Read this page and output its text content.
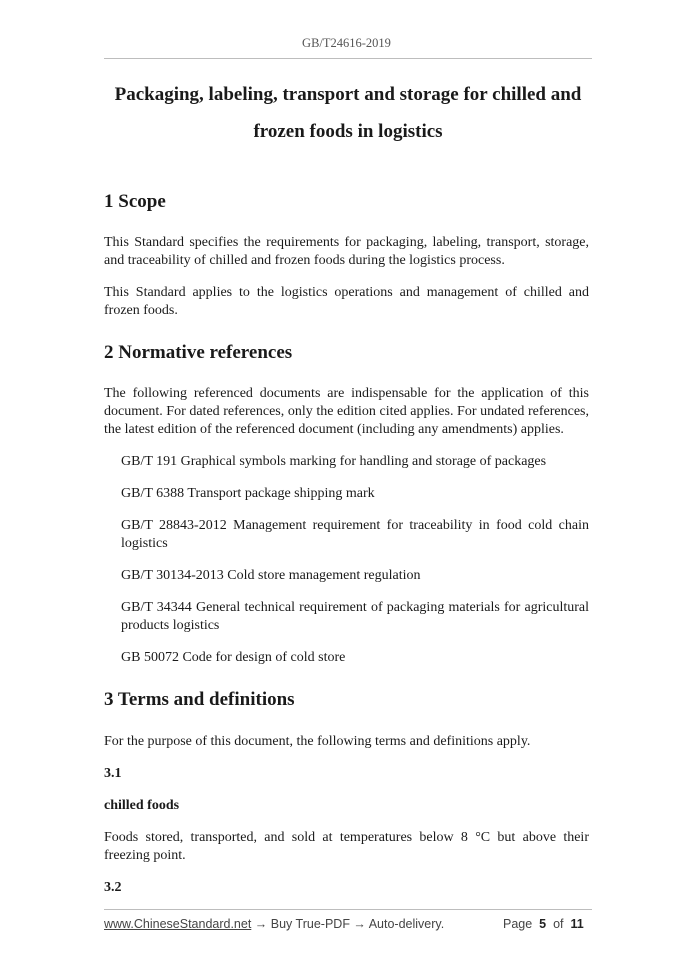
GB/T24616-2019
Packaging, labeling, transport and storage for chilled and
frozen foods in logistics
1 Scope
This Standard specifies the requirements for packaging, labeling, transport, storage, and traceability of chilled and frozen foods during the logistics process.
This Standard applies to the logistics operations and management of chilled and frozen foods.
2 Normative references
The following referenced documents are indispensable for the application of this document. For dated references, only the edition cited applies. For undated references, the latest edition of the referenced document (including any amendments) applies.
GB/T 191 Graphical symbols marking for handling and storage of packages
GB/T 6388 Transport package shipping mark
GB/T 28843-2012 Management requirement for traceability in food cold chain logistics
GB/T 30134-2013 Cold store management regulation
GB/T 34344 General technical requirement of packaging materials for agricultural products logistics
GB 50072 Code for design of cold store
3 Terms and definitions
For the purpose of this document, the following terms and definitions apply.
3.1
chilled foods
Foods stored, transported, and sold at temperatures below 8 °C but above their freezing point.
3.2
www.ChineseStandard.net → Buy True-PDF → Auto-delivery.	Page 5 of 11
